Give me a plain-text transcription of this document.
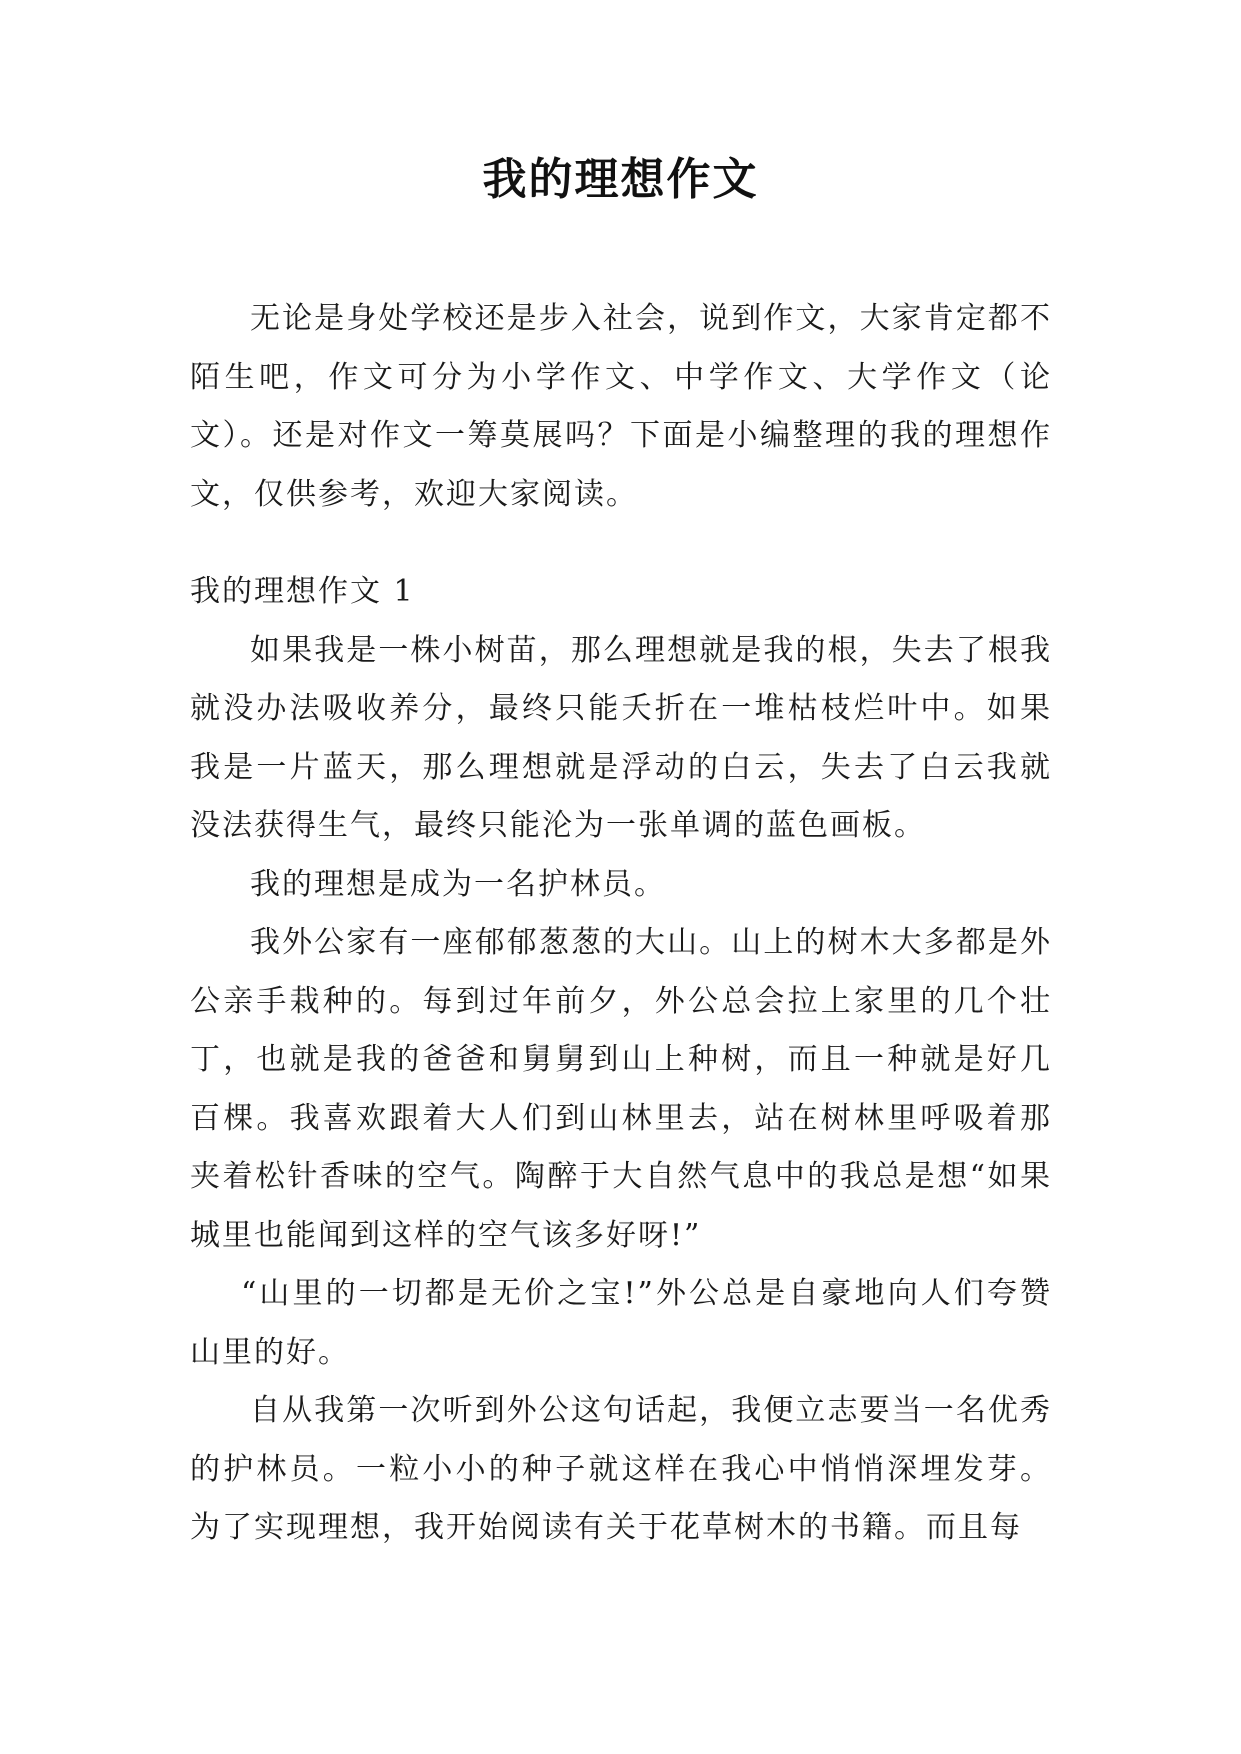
我的理想作文

无论是身处学校还是步入社会，说到作文，大家肯定都不陌生吧，作文可分为小学作文、中学作文、大学作文（论文）。还是对作文一筹莫展吗？下面是小编整理的我的理想作文，仅供参考，欢迎大家阅读。

我的理想作文 1

如果我是一株小树苗，那么理想就是我的根，失去了根我就没办法吸收养分，最终只能夭折在一堆枯枝烂叶中。如果我是一片蓝天，那么理想就是浮动的白云，失去了白云我就没法获得生气，最终只能沦为一张单调的蓝色画板。

我的理想是成为一名护林员。

我外公家有一座郁郁葱葱的大山。山上的树木大多都是外公亲手栽种的。每到过年前夕，外公总会拉上家里的几个壮丁，也就是我的爸爸和舅舅到山上种树，而且一种就是好几百棵。我喜欢跟着大人们到山林里去，站在树林里呼吸着那夹着松针香味的空气。陶醉于大自然气息中的我总是想“如果城里也能闻到这样的空气该多好呀!”

“山里的一切都是无价之宝!”外公总是自豪地向人们夸赞山里的好。

自从我第一次听到外公这句话起，我便立志要当一名优秀的护林员。一粒小小的种子就这样在我心中悄悄深埋发芽。为了实现理想，我开始阅读有关于花草树木的书籍。而且每
